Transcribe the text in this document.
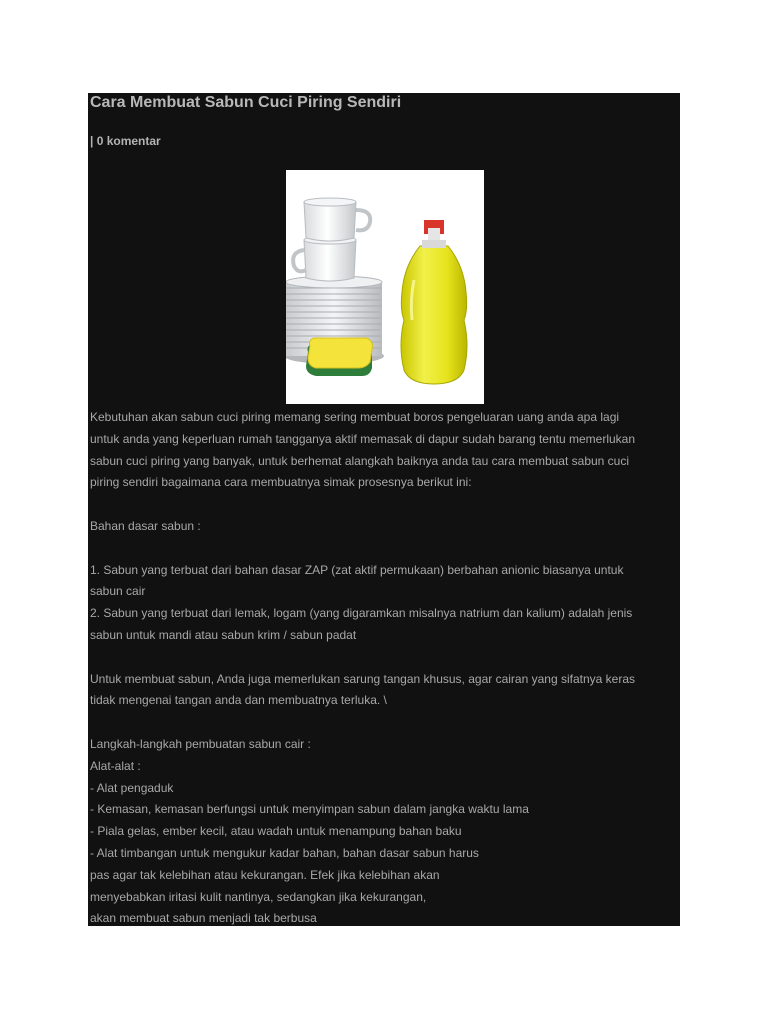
Cara Membuat Sabun Cuci Piring Sendiri
| 0 komentar

Kebutuhan akan sabun cuci piring memang sering membuat boros pengeluaran uang anda apa lagi

untuk anda yang keperluan rumah tangganya aktif memasak di dapur sudah barang tentu memerlukan

sabun cuci piring yang banyak, untuk berhemat alangkah baiknya anda tau cara membuat sabun cuci

piring sendiri bagaimana cara membuatnya simak prosesnya berikut ini:

Bahan dasar sabun :

1. Sabun yang terbuat dari bahan dasar ZAP (zat aktif permukaan) berbahan anionic biasanya untuk

sabun cair

2. Sabun yang terbuat dari lemak, logam (yang digaramkan misalnya natrium dan kalium) adalah jenis

sabun untuk mandi atau sabun krim / sabun padat

Untuk membuat sabun, Anda juga memerlukan sarung tangan khusus, agar cairan yang sifatnya keras

tidak mengenai tangan anda dan membuatnya terluka. \

Langkah-langkah pembuatan sabun cair :

Alat-alat :

- Alat pengaduk

- Kemasan, kemasan berfungsi untuk menyimpan sabun dalam jangka waktu lama

- Piala gelas, ember kecil, atau wadah untuk menampung bahan baku

- Alat timbangan untuk mengukur kadar bahan, bahan dasar sabun harus

pas agar tak kelebihan atau kekurangan. Efek jika kelebihan akan

menyebabkan iritasi kulit nantinya, sedangkan jika kekurangan,

akan membuat sabun menjadi tak berbusa
